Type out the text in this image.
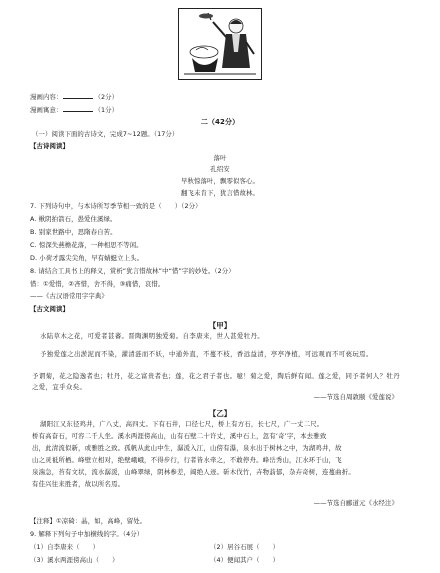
漫画内容：	（2分）
漫画寓意：	（1分）
二（42分）
（一）阅读下面的古诗文，完成7~12题。（17分）
【古诗阅读】
落叶
孔绍安
早秋惊落叶，飘零似客心。
翻飞未肯下，犹言惜故林。
7. 下列诗句中，与本诗所写季节相一致的是（　　）（2分）
A. 楸阴拍箭石，愚爱住溪绿。
B. 别家世路中，思隋春自苦。
C. 惊深失燕檐花落，一种相思不等闲。
D. 小荷才露尖尖角，早有蜻蜓立上头。
8. 请结合工具书上的释义，赏析“犹言惜故林”中“惜”字的妙处。（2分）
惜：①爱惜，②吝惜，舍不得，③痛惜，哀惜。
——《古汉语常用字字典》
【古文阅读】
【甲】
水陆草木之花，可爱者甚蕃。晋陶渊明独爱菊。自李唐来，世人甚爱牡丹。
予独爱莲之出淤泥而不染，濯清涟而不妖，中通外直，不蔓不枝，香远益清，亭亭净植，可远观而不可亵玩焉。
予谓菊，花之隐逸者也；牡丹，花之富贵者也；莲，花之君子者也。噫！菊之爱，陶后鲜有闻。莲之爱，同予者何人？牡丹之爱，宜乎众矣。
——节选自周敦颐《爱莲说》
【乙】
湖阳江又东径鸡井，广八丈，高四丈。下有石井，口径七尺，桥上有方石，长七尺，广一丈二尺。
桥有高奋石，可容二千人坐。溪水两涯傍高山，山有石壁二十许丈，溪中石上，忽有‘奇’字，本去雅致
出，此清流似新，或雅胜之致。孤帆从此山中生，潺湲入江，山傍有瀑，泉水出于树林之中，为湖鸡井，故
山之灵祗所栖。峰壁立相对，绝壁峨峨，不得步行，行者皆水牵之，不敢停舟。峰岳秀山，江水环于山，飞
泉湍急，苔有文状，流水潺湲，山峰翠绿，阴林参差，阔绝人迹。斫木伐竹，卉物蓊郁，杂卉奇树，连蔓曲折。
有佳兴往来胜者，故以所名焉。
——节选自郦道元《水经注》
【注释】①凉碕：晶，如，高峰，留处。
9. 解释下列句子中加横线的字。（4分）
（1）自李唐来（　　）	（2）居谷石展（　　）
（3）溪水两涯傍高山（　　）	（4）便闻其户（　　）
